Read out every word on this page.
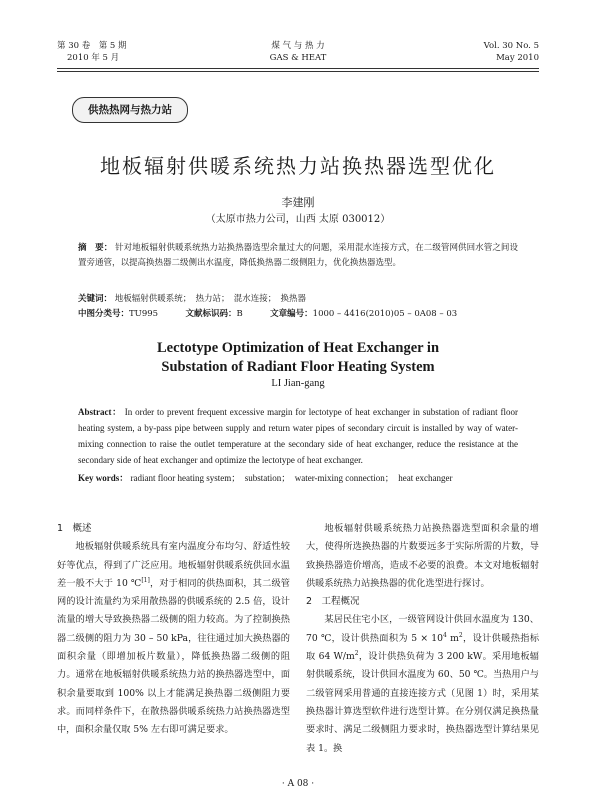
第 30 卷　第 5 期
2010 年 5 月
煤 气 与 热 力
GAS & HEAT
Vol. 30 No. 5
May 2010
供热热网与热力站
地板辐射供暖系统热力站换热器选型优化
李建刚
（太原市热力公司，山西 太原 030012）
摘　要： 针对地板辐射供暖系统热力站换热器选型余量过大的问题，采用混水连接方式，在二级管网供回水管之间设置旁通管，以提高换热器二级侧出水温度，降低换热器二级侧阻力，优化换热器选型。
关键词： 地板辐射供暖系统；　热力站；　混水连接；　换热器
中图分类号：TU995	文献标识码：B	文章编号：1000 – 4416(2010)05 – 0A08 – 03
Lectotype Optimization of Heat Exchanger in Substation of Radiant Floor Heating System
LI Jian-gang
Abstract： In order to prevent frequent excessive margin for lectotype of heat exchanger in substation of radiant floor heating system, a by-pass pipe between supply and return water pipes of secondary circuit is installed by way of water-mixing connection to raise the outlet temperature at the secondary side of heat exchanger, reduce the resistance at the secondary side of heat exchanger and optimize the lectotype of heat exchanger.
Key words： radiant floor heating system；　substation；　water-mixing connection；　heat exchanger
1　概述

地板辐射供暖系统具有室内温度分布均匀、舒适性较好等优点，得到了广泛应用。地板辐射供暖系统供回水温差一般不大于 10 ℃[1]，对于相同的供热面积，其二级管网的设计流量约为采用散热器的供暖系统的 2.5 倍，设计流量的增大导致换热器二级侧的阻力较高。为了控制换热器二级侧的阻力为 30 – 50 kPa，往往通过加大换热器的面积余量（即增加板片数量），降低换热器二级侧的阻力。通常在地板辐射供暖系统热力站的换热器选型中，面积余量要取到 100% 以上才能满足换热器二级侧阻力要求。而同样条件下，在散热器供暖系统热力站换热器选型中，面积余量仅取 5% 左右即可满足要求。

地板辐射供暖系统热力站换热器选型面积余量的增大，使得所选换热器的片数要远多于实际所需的片数，导致换热器造价增高，造成不必要的浪费。本文对地板辐射供暖系统热力站换热器的优化选型进行探讨。

2　工程概况

某居民住宅小区，一级管网设计供回水温度为 130、70 ℃，设计供热面积为 $5 \times 10^4$ $m^2$，设计供暖热指标取 64 $W/m^2$，设计供热负荷为 3 200 kW。采用地板辐射供暖系统，设计供回水温度为 60、50 ℃。当热用户与二级管网采用普通的直接连接方式（见图 1）时，采用某换热器计算选型软件进行选型计算。在分别仅满足换热量要求时、满足二级侧阻力要求时，换热器选型计算结果见表 1。换

· A 08 ·
